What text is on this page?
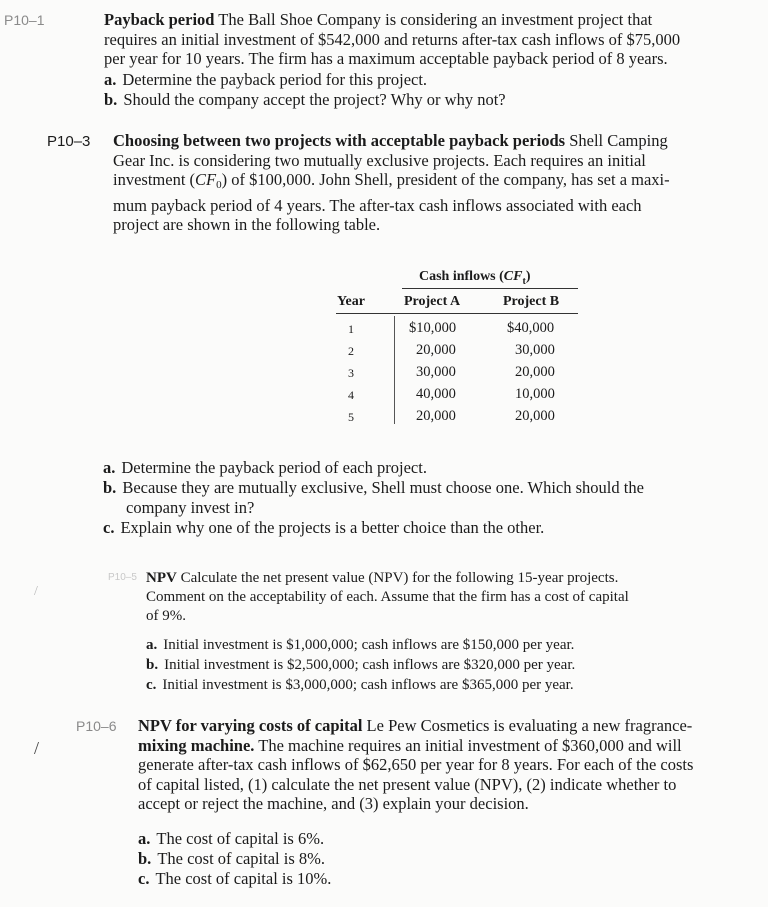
P10–1	Payback period The Ball Shoe Company is considering an investment project that
requires an initial investment of $542,000 and returns after-tax cash inflows of $75,000
per year for 10 years. The firm has a maximum acceptable payback period of 8 years.
a. Determine the payback period for this project.
b. Should the company accept the project? Why or why not?
P10–3 Choosing between two projects with acceptable payback periods Shell Camping
Gear Inc. is considering two mutually exclusive projects. Each requires an initial
investment (CF0) of $100,000. John Shell, president of the company, has set a maxi-
mum payback period of 4 years. The after-tax cash inflows associated with each
project are shown in the following table.
Cash inflows $(CF_t)$
Year	Project A	Project B
1	$10,000	$40,000
2	20,000	30,000
3	30,000	20,000
4	40,000	10,000
5	20,000	20,000
a. Determine the payback period of each project.
b. Because they are mutually exclusive, Shell must choose one. Which should the
company invest in?
c. Explain why one of the projects is a better choice than the other.
P10–5
/
NPV Calculate the net present value (NPV) for the following 15-year projects.
Comment on the acceptability of each. Assume that the firm has a cost of capital
of 9%.
a. Initial investment is $1,000,000; cash inflows are $150,000 per year.
b. Initial investment is $2,500,000; cash inflows are $320,000 per year.
c. Initial investment is $3,000,000; cash inflows are $365,000 per year.
P10–6
/
NPV for varying costs of capital Le Pew Cosmetics is evaluating a new fragrance-
mixing machine. The machine requires an initial investment of $360,000 and will
generate after-tax cash inflows of $62,650 per year for 8 years. For each of the costs
of capital listed, (1) calculate the net present value (NPV), (2) indicate whether to
accept or reject the machine, and (3) explain your decision.
a. The cost of capital is 6%.
b. The cost of capital is 8%.
c. The cost of capital is 10%.
